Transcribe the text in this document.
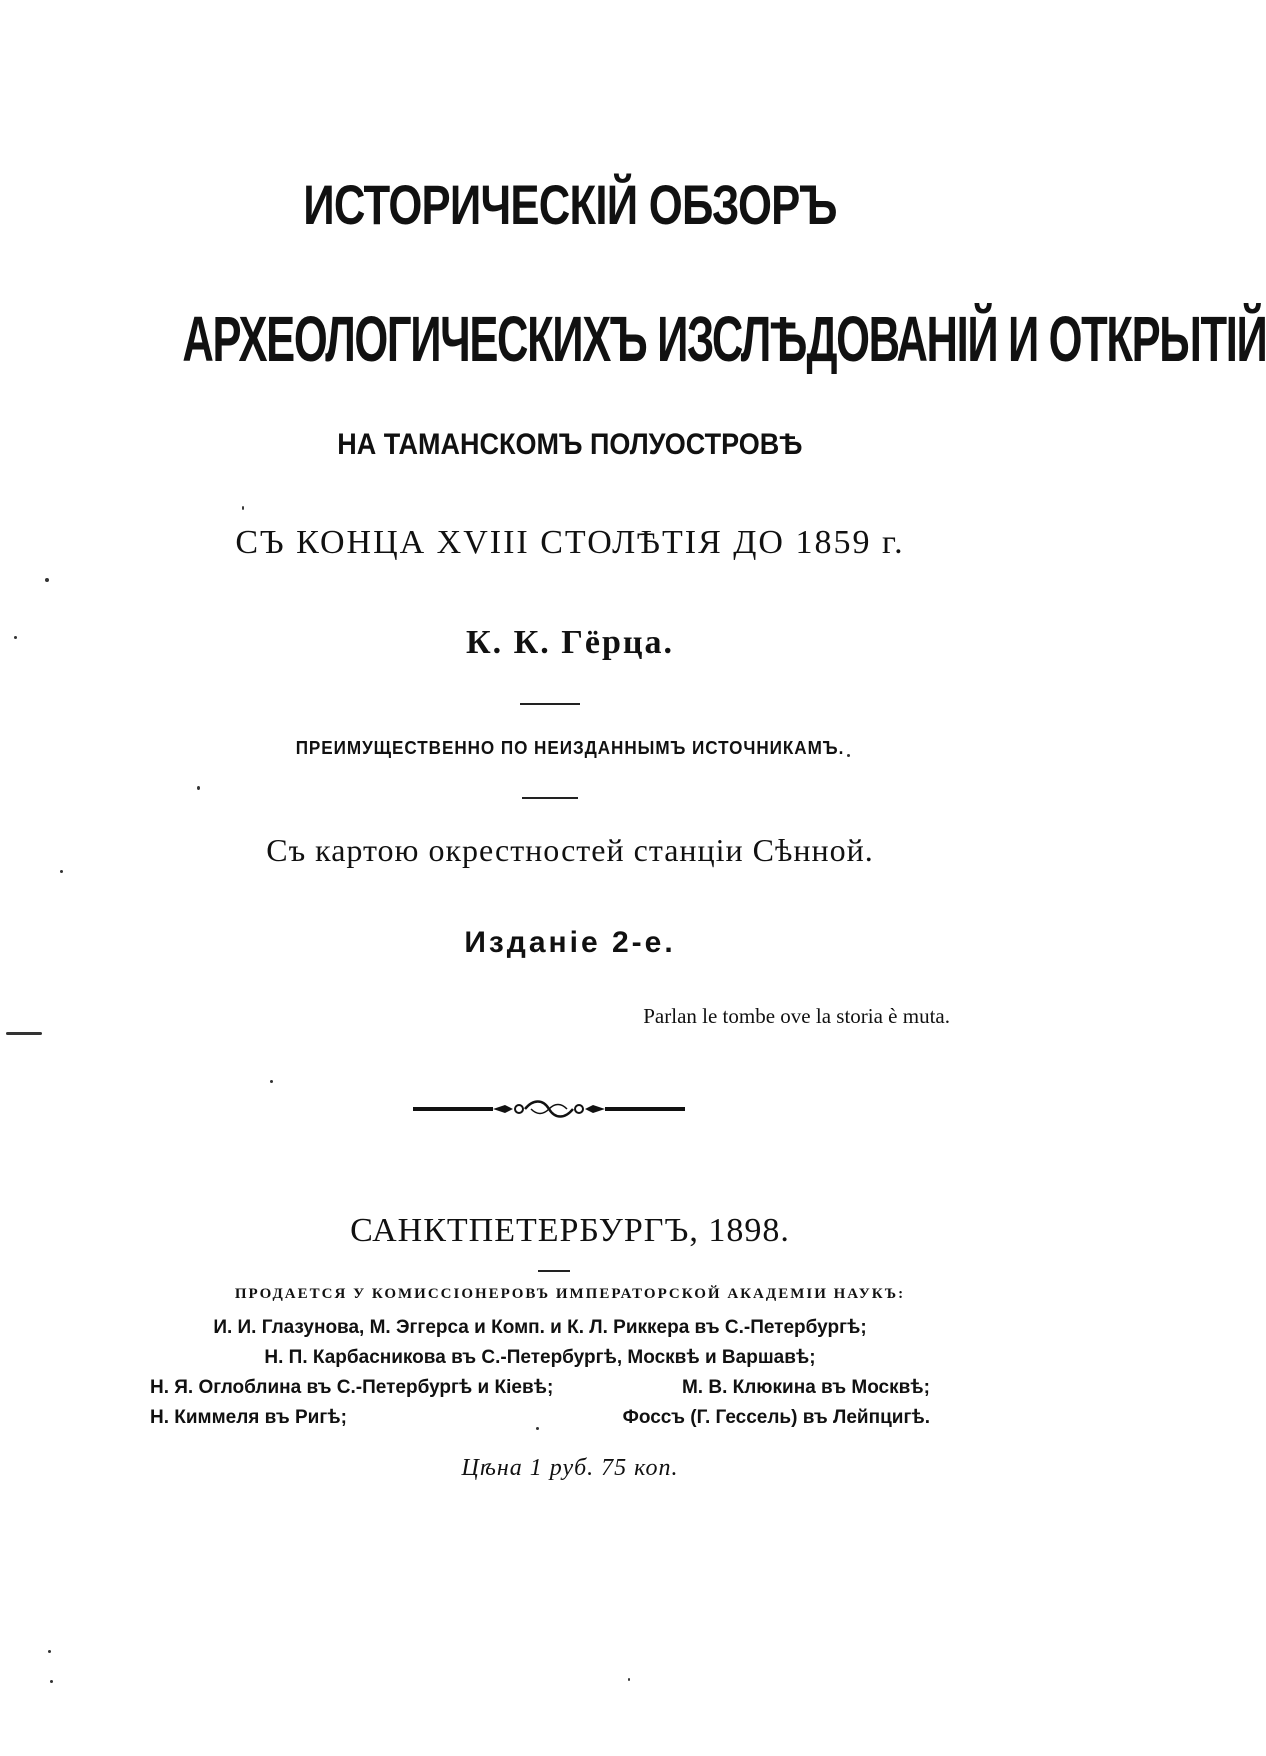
ИСТОРИЧЕСКІЙ ОБЗОРЪ
АРХЕОЛОГИЧЕСКИХЪ ИЗСЛѢДОВАНІЙ И ОТКРЫТІЙ
НА ТАМАНСКОМЪ ПОЛУОСТРОВѢ
СЪ КОНЦА XVIII СТОЛѢТІЯ ДО 1859 г.
К. К. Гёрца.
ПРЕИМУЩЕСТВЕННО ПО НЕИЗДАННЫМЪ ИСТОЧНИКАМЪ.
Съ картою окрестностей станціи Сѣнной.
Изданіе 2-е.
Parlan le tombe ove la storia è muta.
САНКТПЕТЕРБУРГЪ, 1898.
ПРОДАЕТСЯ У КОМИССІОНЕРОВЪ ИМПЕРАТОРСКОЙ АКАДЕМІИ НАУКЪ:
И. И. Глазунова, М. Эггерса и Комп. и К. Л. Риккера въ С.-Петербургѣ;
Н. П. Карбасникова въ С.-Петербургѣ, Москвѣ и Варшавѣ;
Н. Я. Оглоблина въ С.-Петербургѣ и Кіевѣ;	М. В. Клюкина въ Москвѣ;
Н. Киммеля въ Ригѣ;	Фоссъ (Г. Гессель) въ Лейпцигѣ.
Цѣна 1 руб. 75 коп.
